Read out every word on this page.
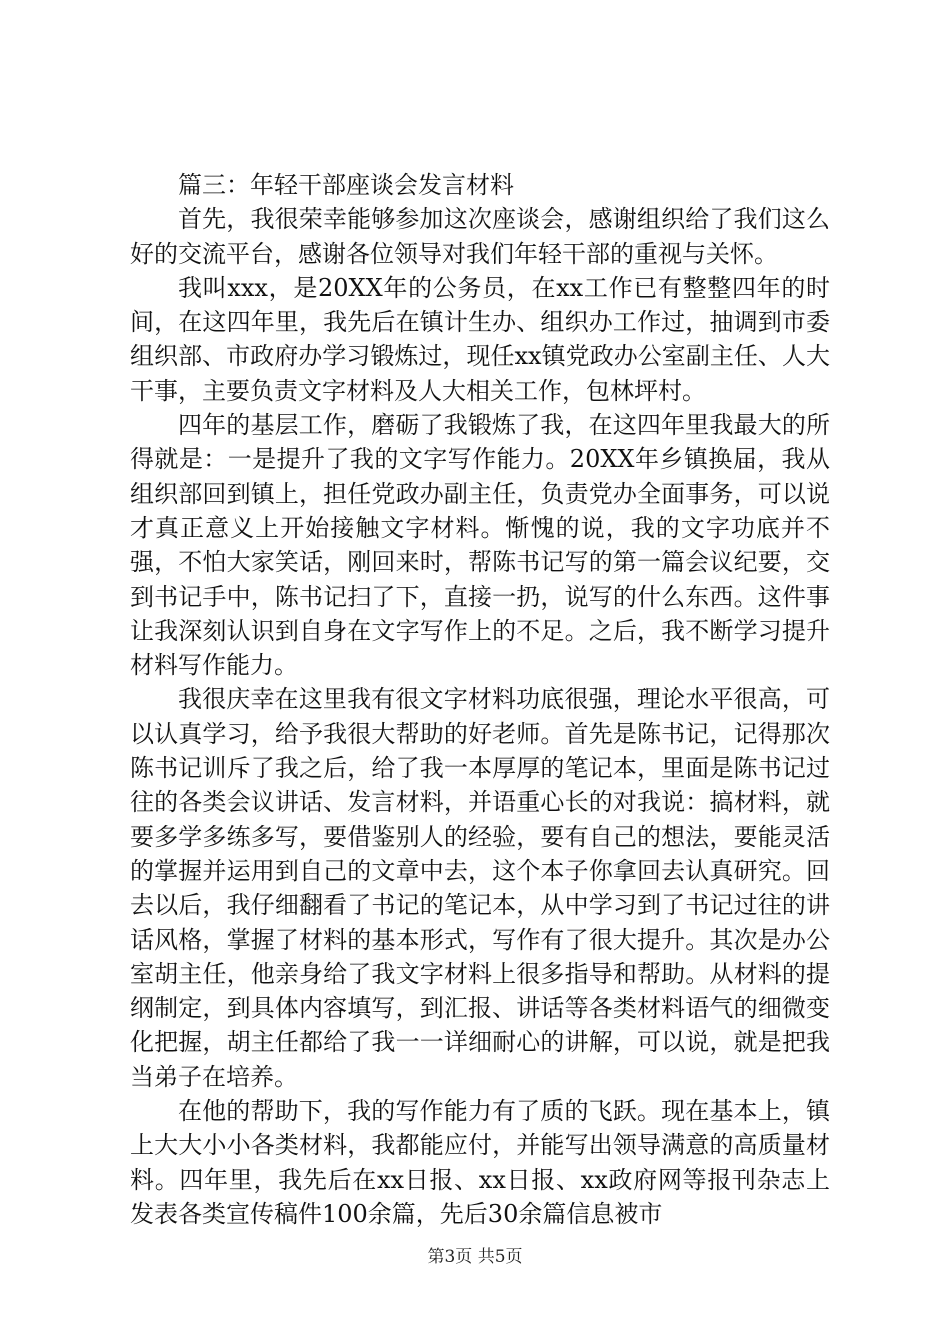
篇三：年轻干部座谈会发言材料

首先，我很荣幸能够参加这次座谈会，感谢组织给了我们这么好的交流平台，感谢各位领导对我们年轻干部的重视与关怀。

我叫xxx，是20XX年的公务员，在xx工作已有整整四年的时间，在这四年里，我先后在镇计生办、组织办工作过，抽调到市委组织部、市政府办学习锻炼过，现任xx镇党政办公室副主任、人大干事，主要负责文字材料及人大相关工作，包林坪村。

四年的基层工作，磨砺了我锻炼了我，在这四年里我最大的所得就是：一是提升了我的文字写作能力。20XX年乡镇换届，我从组织部回到镇上，担任党政办副主任，负责党办全面事务，可以说才真正意义上开始接触文字材料。惭愧的说，我的文字功底并不强，不怕大家笑话，刚回来时，帮陈书记写的第一篇会议纪要，交到书记手中，陈书记扫了下，直接一扔，说写的什么东西。这件事让我深刻认识到自身在文字写作上的不足。之后，我不断学习提升材料写作能力。

我很庆幸在这里我有很文字材料功底很强，理论水平很高，可以认真学习，给予我很大帮助的好老师。首先是陈书记，记得那次陈书记训斥了我之后，给了我一本厚厚的笔记本，里面是陈书记过往的各类会议讲话、发言材料，并语重心长的对我说：搞材料，就要多学多练多写，要借鉴别人的经验，要有自己的想法，要能灵活的掌握并运用到自己的文章中去，这个本子你拿回去认真研究。回去以后，我仔细翻看了书记的笔记本，从中学习到了书记过往的讲话风格，掌握了材料的基本形式，写作有了很大提升。其次是办公室胡主任，他亲身给了我文字材料上很多指导和帮助。从材料的提纲制定，到具体内容填写，到汇报、讲话等各类材料语气的细微变化把握，胡主任都给了我一一详细耐心的讲解，可以说，就是把我当弟子在培养。

在他的帮助下，我的写作能力有了质的飞跃。现在基本上，镇上大大小小各类材料，我都能应付，并能写出领导满意的高质量材料。四年里，我先后在xx日报、xx日报、xx政府网等报刊杂志上发表各类宣传稿件100余篇，先后30余篇信息被市

第3页 共5页
